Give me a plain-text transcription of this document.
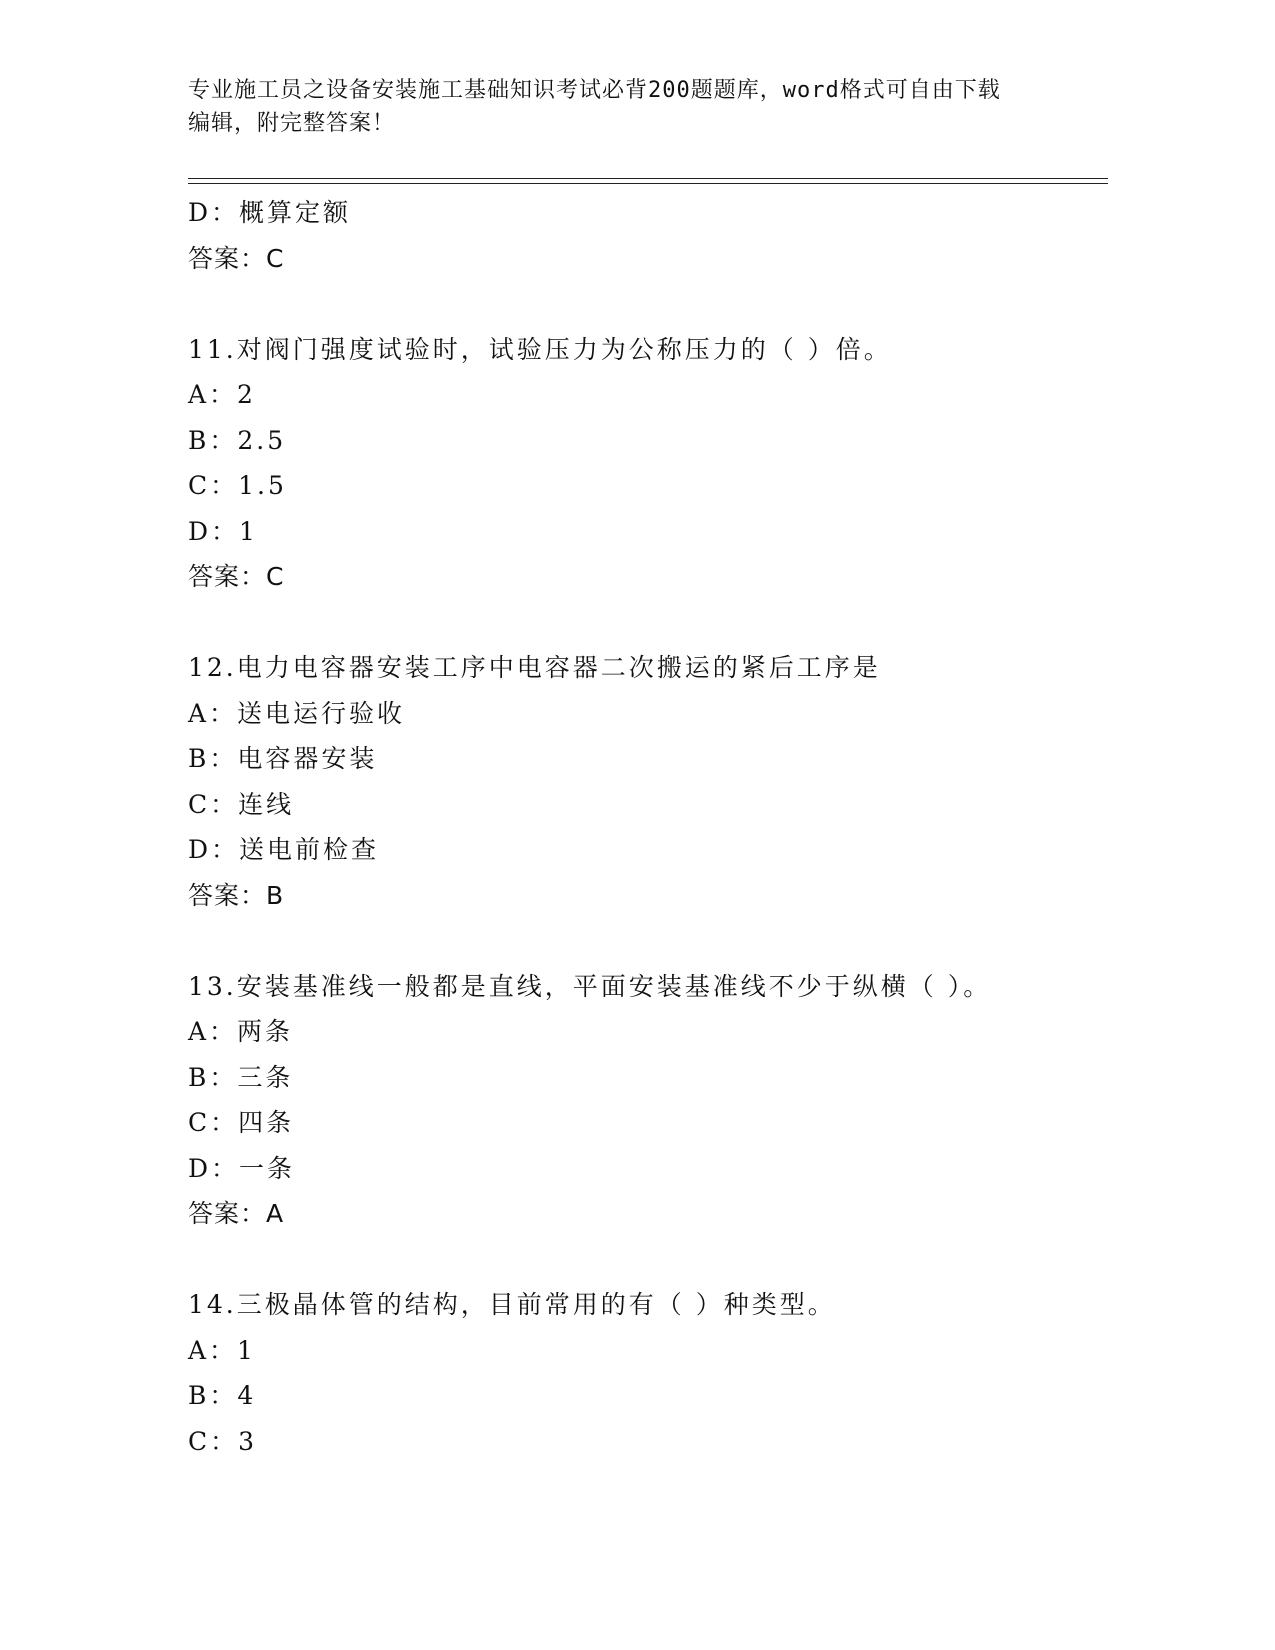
专业施工员之设备安装施工基础知识考试必背200题题库，word格式可自由下载
编辑，附完整答案！
D：概算定额
答案：C
11.对阀门强度试验时，试验压力为公称压力的（ ）倍。
A：2
B：2.5
C：1.5
D：1
答案：C
12.电力电容器安装工序中电容器二次搬运的紧后工序是
A：送电运行验收
B：电容器安装
C：连线
D：送电前检查
答案：B
13.安装基准线一般都是直线，平面安装基准线不少于纵横（ ）。
A：两条
B：三条
C：四条
D：一条
答案：A
14.三极晶体管的结构，目前常用的有（ ）种类型。
A：1
B：4
C：3
